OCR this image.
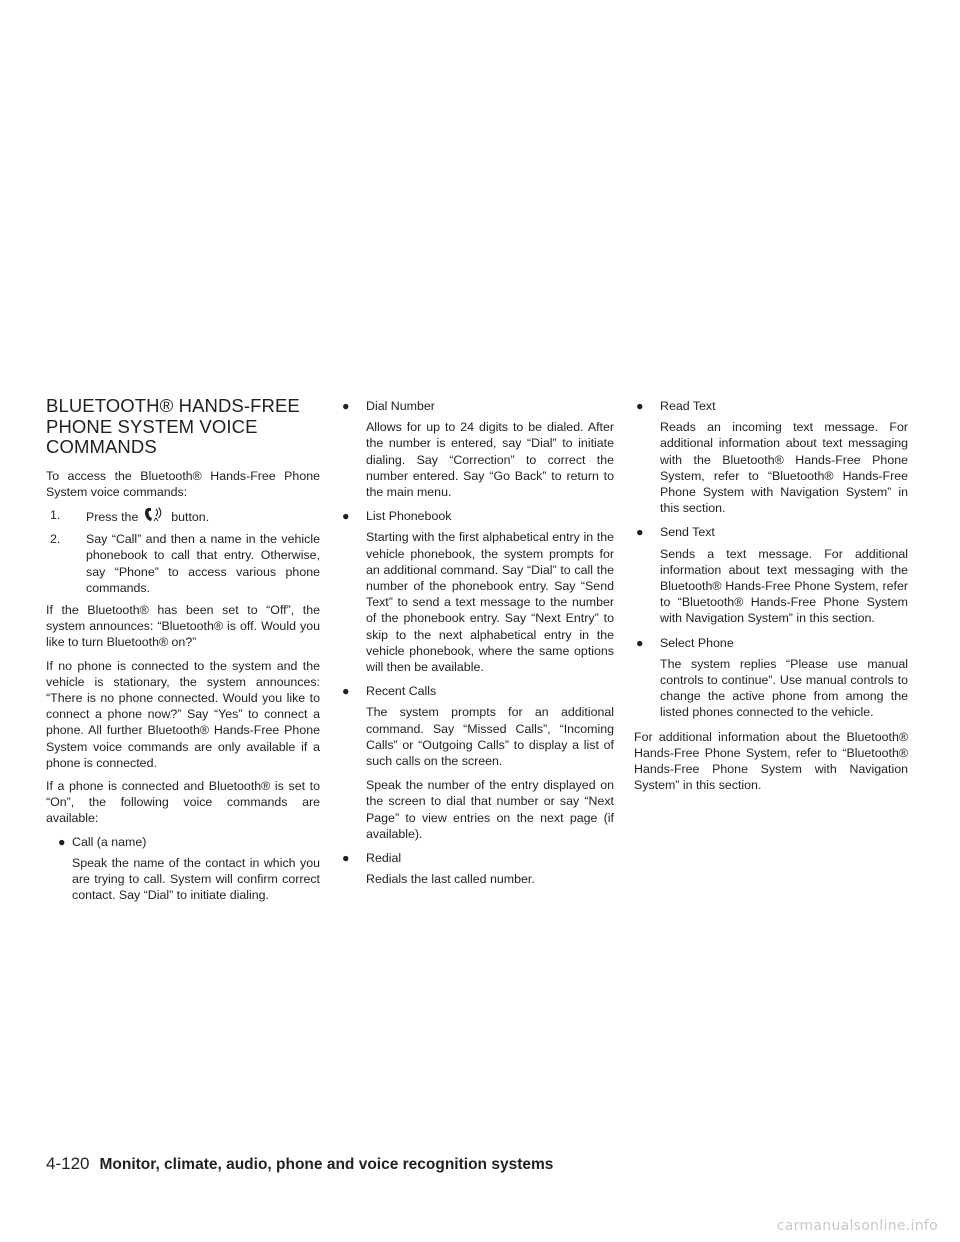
BLUETOOTH® HANDS-FREE PHONE SYSTEM VOICE COMMANDS

To access the Bluetooth® Hands-Free Phone System voice commands:

1. Press the	button.
2. Say “Call” and then a name in the vehicle phonebook to call that entry. Otherwise, say “Phone” to access various phone commands.

If the Bluetooth® has been set to “Off”, the system announces: “Bluetooth® is off. Would you like to turn Bluetooth® on?”

If no phone is connected to the system and the vehicle is stationary, the system announces: “There is no phone connected. Would you like to connect a phone now?” Say “Yes” to connect a phone. All further Bluetooth® Hands-Free Phone System voice commands are only available if a phone is connected.

If a phone is connected and Bluetooth® is set to “On”, the following voice commands are available:

● Call (a name)

Speak the name of the contact in which you are trying to call. System will confirm correct contact. Say “Dial” to initiate dialing.

● Dial Number

Allows for up to 24 digits to be dialed. After the number is entered, say “Dial” to initiate dialing. Say “Correction” to correct the number entered. Say “Go Back” to return to the main menu.

● List Phonebook

Starting with the first alphabetical entry in the vehicle phonebook, the system prompts for an additional command. Say “Dial” to call the number of the phonebook entry. Say “Send Text” to send a text message to the number of the phonebook entry. Say “Next Entry” to skip to the next alphabetical entry in the vehicle phonebook, where the same options will then be available.

● Recent Calls

The system prompts for an additional command. Say “Missed Calls”, “Incoming Calls” or “Outgoing Calls” to display a list of such calls on the screen.

Speak the number of the entry displayed on the screen to dial that number or say “Next Page” to view entries on the next page (if available).

● Redial

Redials the last called number.

● Read Text

Reads an incoming text message. For additional information about text messaging with the Bluetooth® Hands-Free Phone System, refer to “Bluetooth® Hands-Free Phone System with Navigation System” in this section.

● Send Text

Sends a text message. For additional information about text messaging with the Bluetooth® Hands-Free Phone System, refer to “Bluetooth® Hands-Free Phone System with Navigation System” in this section.

● Select Phone

The system replies “Please use manual controls to continue”. Use manual controls to change the active phone from among the listed phones connected to the vehicle.

For additional information about the Bluetooth® Hands-Free Phone System, refer to “Bluetooth® Hands-Free Phone System with Navigation System” in this section.

4-120 Monitor, climate, audio, phone and voice recognition systems
carmanualsonline.info
